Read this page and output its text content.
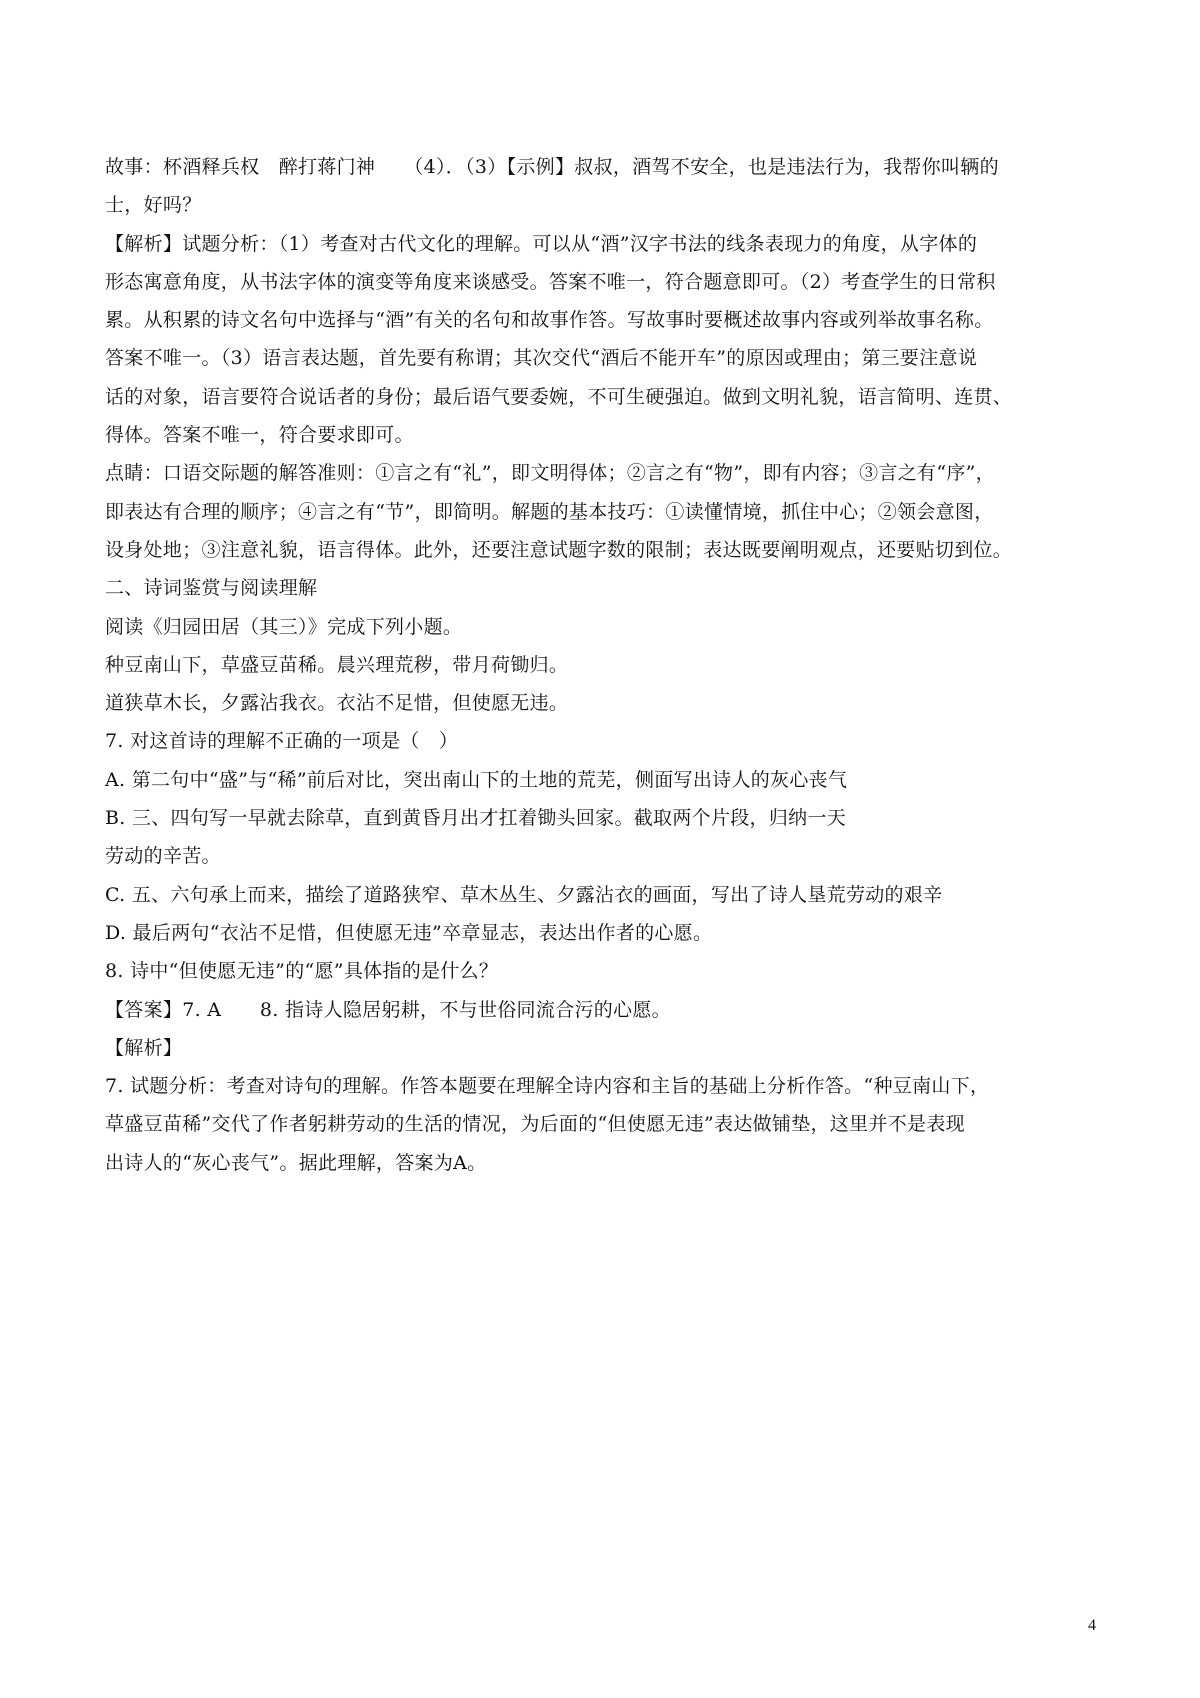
故事：杯酒释兵权　醉打蒋门神　　（4）．（3）【示例】叔叔，酒驾不安全，也是违法行为，我帮你叫辆的

士，好吗？

【解析】试题分析：（1）考查对古代文化的理解。可以从“酒”汉字书法的线条表现力的角度，从字体的

形态寓意角度，从书法字体的演变等角度来谈感受。答案不唯一，符合题意即可。（2）考查学生的日常积

累。从积累的诗文名句中选择与“酒”有关的名句和故事作答。写故事时要概述故事内容或列举故事名称。

答案不唯一。（3）语言表达题，首先要有称谓；其次交代“酒后不能开车”的原因或理由；第三要注意说

话的对象，语言要符合说话者的身份；最后语气要委婉，不可生硬强迫。做到文明礼貌，语言简明、连贯、

得体。答案不唯一，符合要求即可。

点睛：口语交际题的解答准则：①言之有“礼”，即文明得体；②言之有“物”，即有内容；③言之有“序”，

即表达有合理的顺序；④言之有“节”，即简明。解题的基本技巧：①读懂情境，抓住中心；②领会意图，

设身处地；③注意礼貌，语言得体。此外，还要注意试题字数的限制；表达既要阐明观点，还要贴切到位。

二、诗词鉴赏与阅读理解

阅读《归园田居（其三）》完成下列小题。

种豆南山下，草盛豆苗稀。晨兴理荒秽，带月荷锄归。

道狭草木长，夕露沾我衣。衣沾不足惜，但使愿无违。

7. 对这首诗的理解不正确的一项是（　）

A. 第二句中“盛”与“稀”前后对比，突出南山下的土地的荒芜，侧面写出诗人的灰心丧气

B. 三、四句写一早就去除草，直到黄昏月出才扛着锄头回家。截取两个片段，归纳一天

劳动的辛苦。

C. 五、六句承上而来，描绘了道路狭窄、草木丛生、夕露沾衣的画面，写出了诗人垦荒劳动的艰辛

D. 最后两句“衣沾不足惜，但使愿无违”卒章显志，表达出作者的心愿。

8. 诗中“但使愿无违”的“愿”具体指的是什么？

【答案】7. A　　8. 指诗人隐居躬耕，不与世俗同流合污的心愿。

【解析】

7. 试题分析：考查对诗句的理解。作答本题要在理解全诗内容和主旨的基础上分析作答。“种豆南山下，

草盛豆苗稀”交代了作者躬耕劳动的生活的情况，为后面的“但使愿无违”表达做铺垫，这里并不是表现

出诗人的“灰心丧气”。据此理解，答案为A。

4
